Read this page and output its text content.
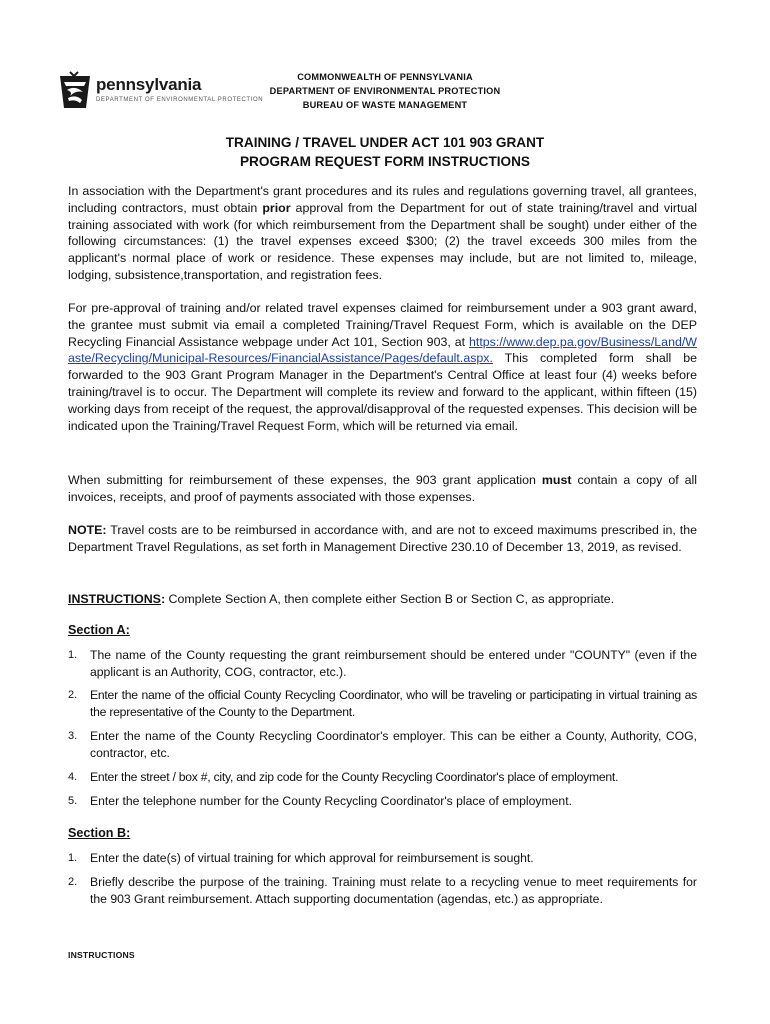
pennsylvania
DEPARTMENT OF ENVIRONMENTAL PROTECTION
COMMONWEALTH OF PENNSYLVANIA
DEPARTMENT OF ENVIRONMENTAL PROTECTION
BUREAU OF WASTE MANAGEMENT
TRAINING / TRAVEL UNDER ACT 101 903 GRANT
PROGRAM REQUEST FORM INSTRUCTIONS

In association with the Department's grant procedures and its rules and regulations governing travel, all grantees, including contractors, must obtain prior approval from the Department for out of state training/travel and virtual training associated with work (for which reimbursement from the Department shall be sought) under either of the following circumstances: (1) the travel expenses exceed $300; (2) the travel exceeds 300 miles from the applicant's normal place of work or residence. These expenses may include, but are not limited to, mileage, lodging, subsistence,transportation, and registration fees.

For pre-approval of training and/or related travel expenses claimed for reimbursement under a 903 grant award, the grantee must submit via email a completed Training/Travel Request Form, which is available on the DEP Recycling Financial Assistance webpage under Act 101, Section 903, at https://www.dep.pa.gov/Business/Land/Waste/Recycling/Municipal-Resources/FinancialAssistance/Pages/default.aspx. This completed form shall be forwarded to the 903 Grant Program Manager in the Department's Central Office at least four (4) weeks before training/travel is to occur. The Department will complete its review and forward to the applicant, within fifteen (15) working days from receipt of the request, the approval/disapproval of the requested expenses. This decision will be indicated upon the Training/Travel Request Form, which will be returned via email.

When submitting for reimbursement of these expenses, the 903 grant application must contain a copy of all invoices, receipts, and proof of payments associated with those expenses.

NOTE: Travel costs are to be reimbursed in accordance with, and are not to exceed maximums prescribed in, the Department Travel Regulations, as set forth in Management Directive 230.10 of December 13, 2019, as revised.

INSTRUCTIONS: Complete Section A, then complete either Section B or Section C, as appropriate.

Section A:
1.	The name of the County requesting the grant reimbursement should be entered under "COUNTY" (even if the applicant is an Authority, COG, contractor, etc.).
2.	Enter the name of the official County Recycling Coordinator, who will be traveling or participating in virtual training as the representative of the County to the Department.
3.	Enter the name of the County Recycling Coordinator's employer. This can be either a County, Authority, COG, contractor, etc.
4.	Enter the street / box #, city, and zip code for the County Recycling Coordinator's place of employment.
5.	Enter the telephone number for the County Recycling Coordinator's place of employment.
Section B:
1.	Enter the date(s) of virtual training for which approval for reimbursement is sought.
2.	Briefly describe the purpose of the training. Training must relate to a recycling venue to meet requirements for the 903 Grant reimbursement. Attach supporting documentation (agendas, etc.) as appropriate.
INSTRUCTIONS
